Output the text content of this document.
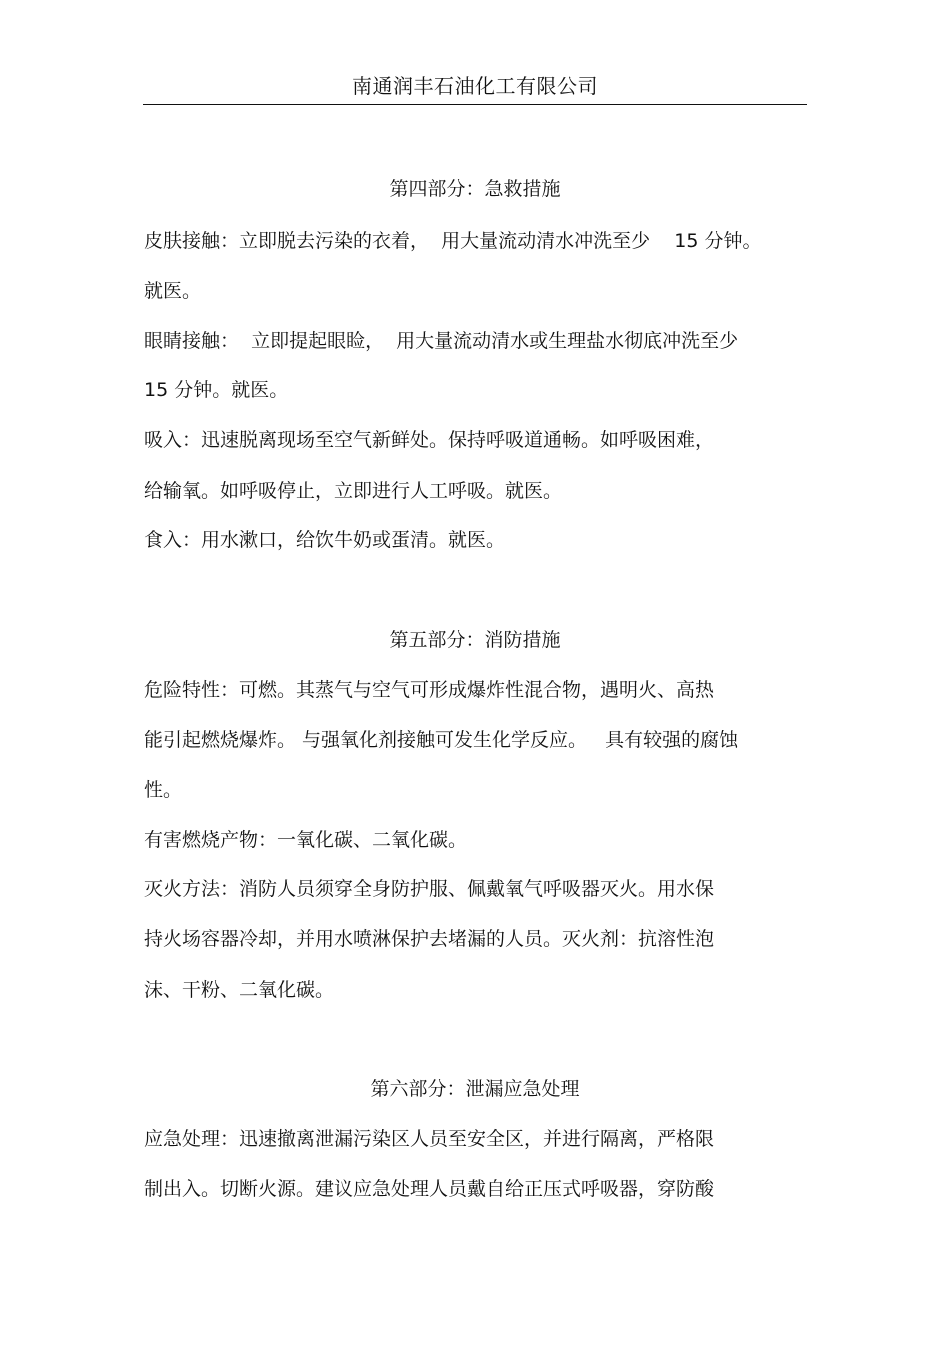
南通润丰石油化工有限公司
第四部分：急救措施
皮肤接触：立即脱去污染的衣着，  用大量流动清水冲洗至少    15 分钟。
就医。
眼睛接触：  立即提起眼睑，  用大量流动清水或生理盐水彻底冲洗至少
15 分钟。就医。
吸入：迅速脱离现场至空气新鲜处。保持呼吸道通畅。如呼吸困难，
给输氧。如呼吸停止，立即进行人工呼吸。就医。
食入：用水漱口，给饮牛奶或蛋清。就医。
第五部分：消防措施
危险特性：可燃。其蒸气与空气可形成爆炸性混合物，遇明火、高热
能引起燃烧爆炸。 与强氧化剂接触可发生化学反应。   具有较强的腐蚀
性。
有害燃烧产物：一氧化碳、二氧化碳。
灭火方法：消防人员须穿全身防护服、佩戴氧气呼吸器灭火。用水保
持火场容器冷却，并用水喷淋保护去堵漏的人员。灭火剂：抗溶性泡
沫、干粉、二氧化碳。
第六部分：泄漏应急处理
应急处理：迅速撤离泄漏污染区人员至安全区，并进行隔离，严格限
制出入。切断火源。建议应急处理人员戴自给正压式呼吸器，穿防酸
